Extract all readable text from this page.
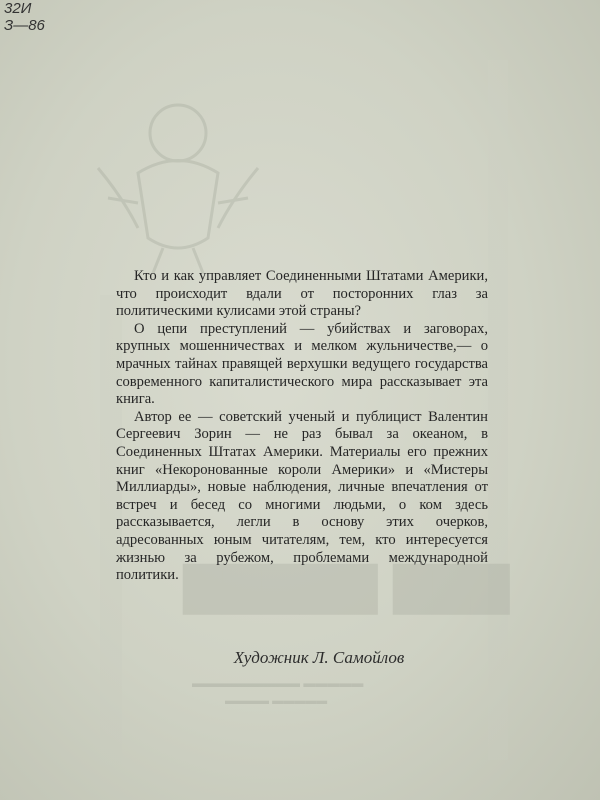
32И
З—86
▇▇▇ ▇▇▇▇▇
▬▬▬▬▬ ▬▬▬▬▬▬▬▬▬
▬▬▬▬▬ ▬▬▬▬

Кто и как управляет Соединенными Штатами Америки, что происходит вдали от посторонних глаз за политическими кулисами этой страны?

О цепи преступлений — убийствах и заговорах, крупных мошенничествах и мелком жульничестве,— о мрачных тайнах правящей верхушки ведущего государства современного капиталистического мира рассказывает эта книга.

Автор ее — советский ученый и публицист Валентин Сергеевич Зорин — не раз бывал за океаном, в Соединенных Штатах Америки. Материалы его прежних книг «Некоронованные короли Америки» и «Мистеры Миллиарды», новые наблюдения, личные впечатления от встреч и бесед со многими людьми, о ком здесь рассказывается, легли в основу этих очерков, адресованных юным читателям, тем, кто интересуется жизнью за рубежом, проблемами международной политики.

Художник Л. Самойлов
